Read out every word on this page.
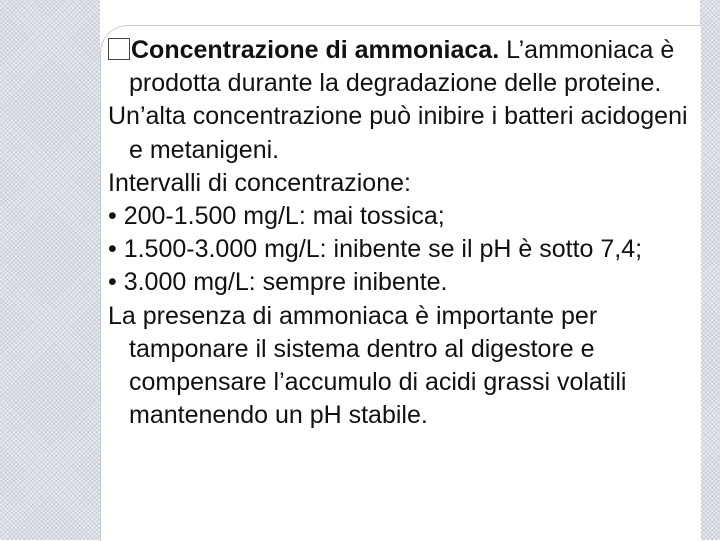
Concentrazione di ammoniaca. L’ammoniaca è prodotta durante la degradazione delle proteine.

Un’alta concentrazione può inibire i batteri acidogeni e metanigeni.

Intervalli di concentrazione:

• 200-1.500 mg/L: mai tossica;

• 1.500-3.000 mg/L: inibente se il pH è sotto 7,4;

• 3.000 mg/L: sempre inibente.

La presenza di ammoniaca è importante per tamponare il sistema dentro al digestore e compensare l’accumulo di acidi grassi volatili mantenendo un pH stabile.
